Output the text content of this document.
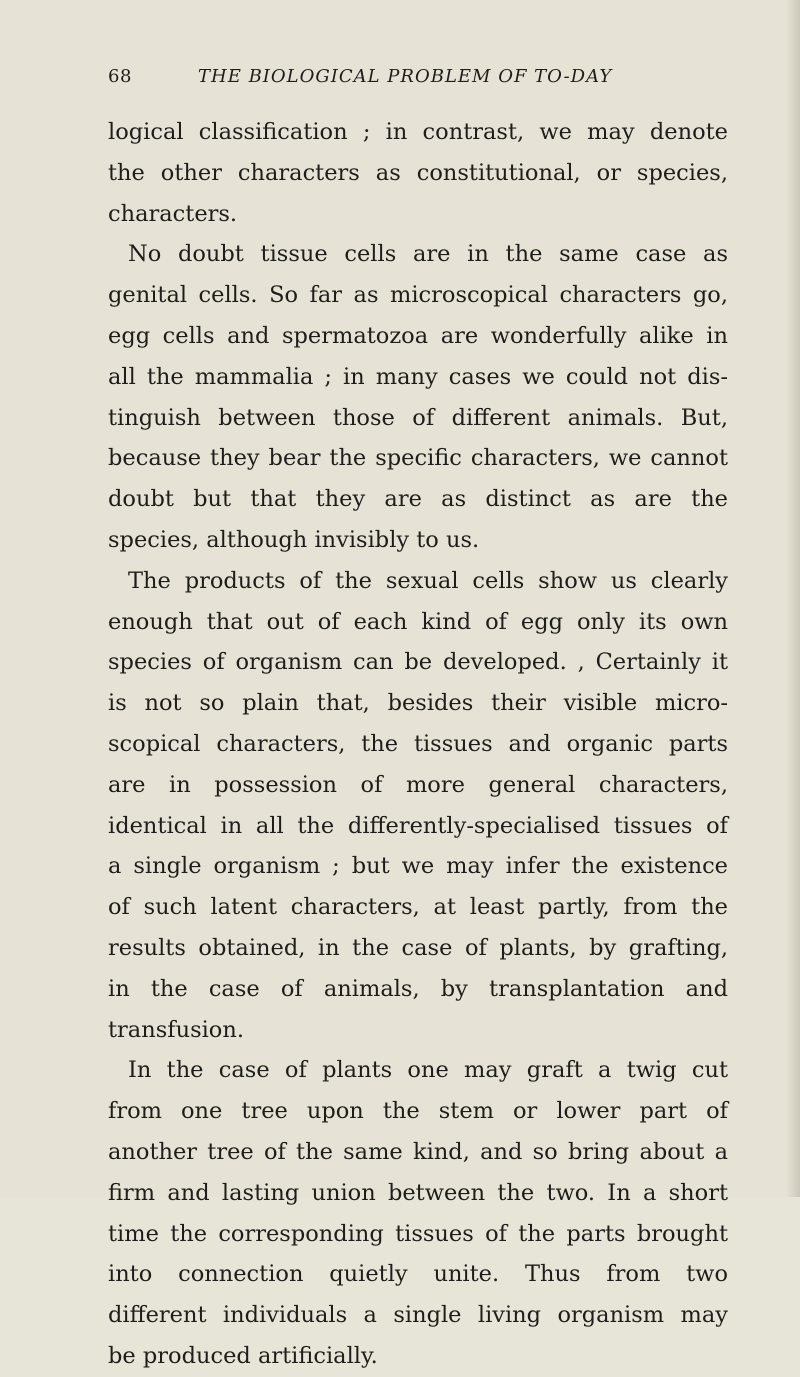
68	THE BIOLOGICAL PROBLEM OF TO-DAY
logical classification ; in contrast, we may denote
the other characters as constitutional, or species,
characters.
No doubt tissue cells are in the same case as
genital cells. So far as microscopical characters go,
egg cells and spermatozoa are wonderfully alike in
all the mammalia ; in many cases we could not dis-
tinguish between those of different animals. But,
because they bear the specific characters, we cannot
doubt but that they are as distinct as are the
species, although invisibly to us.
The products of the sexual cells show us clearly
enough that out of each kind of egg only its own
species of organism can be developed. , Certainly it
is not so plain that, besides their visible micro-
scopical characters, the tissues and organic parts
are in possession of more general characters,
identical in all the differently-specialised tissues of
a single organism ; but we may infer the existence
of such latent characters, at least partly, from the
results obtained, in the case of plants, by grafting,
in the case of animals, by transplantation and
transfusion.
In the case of plants one may graft a twig cut
from one tree upon the stem or lower part of
another tree of the same kind, and so bring about a
firm and lasting union between the two. In a short
time the corresponding tissues of the parts brought
into connection quietly unite. Thus from two
different individuals a single living organism may
be produced artificially.
